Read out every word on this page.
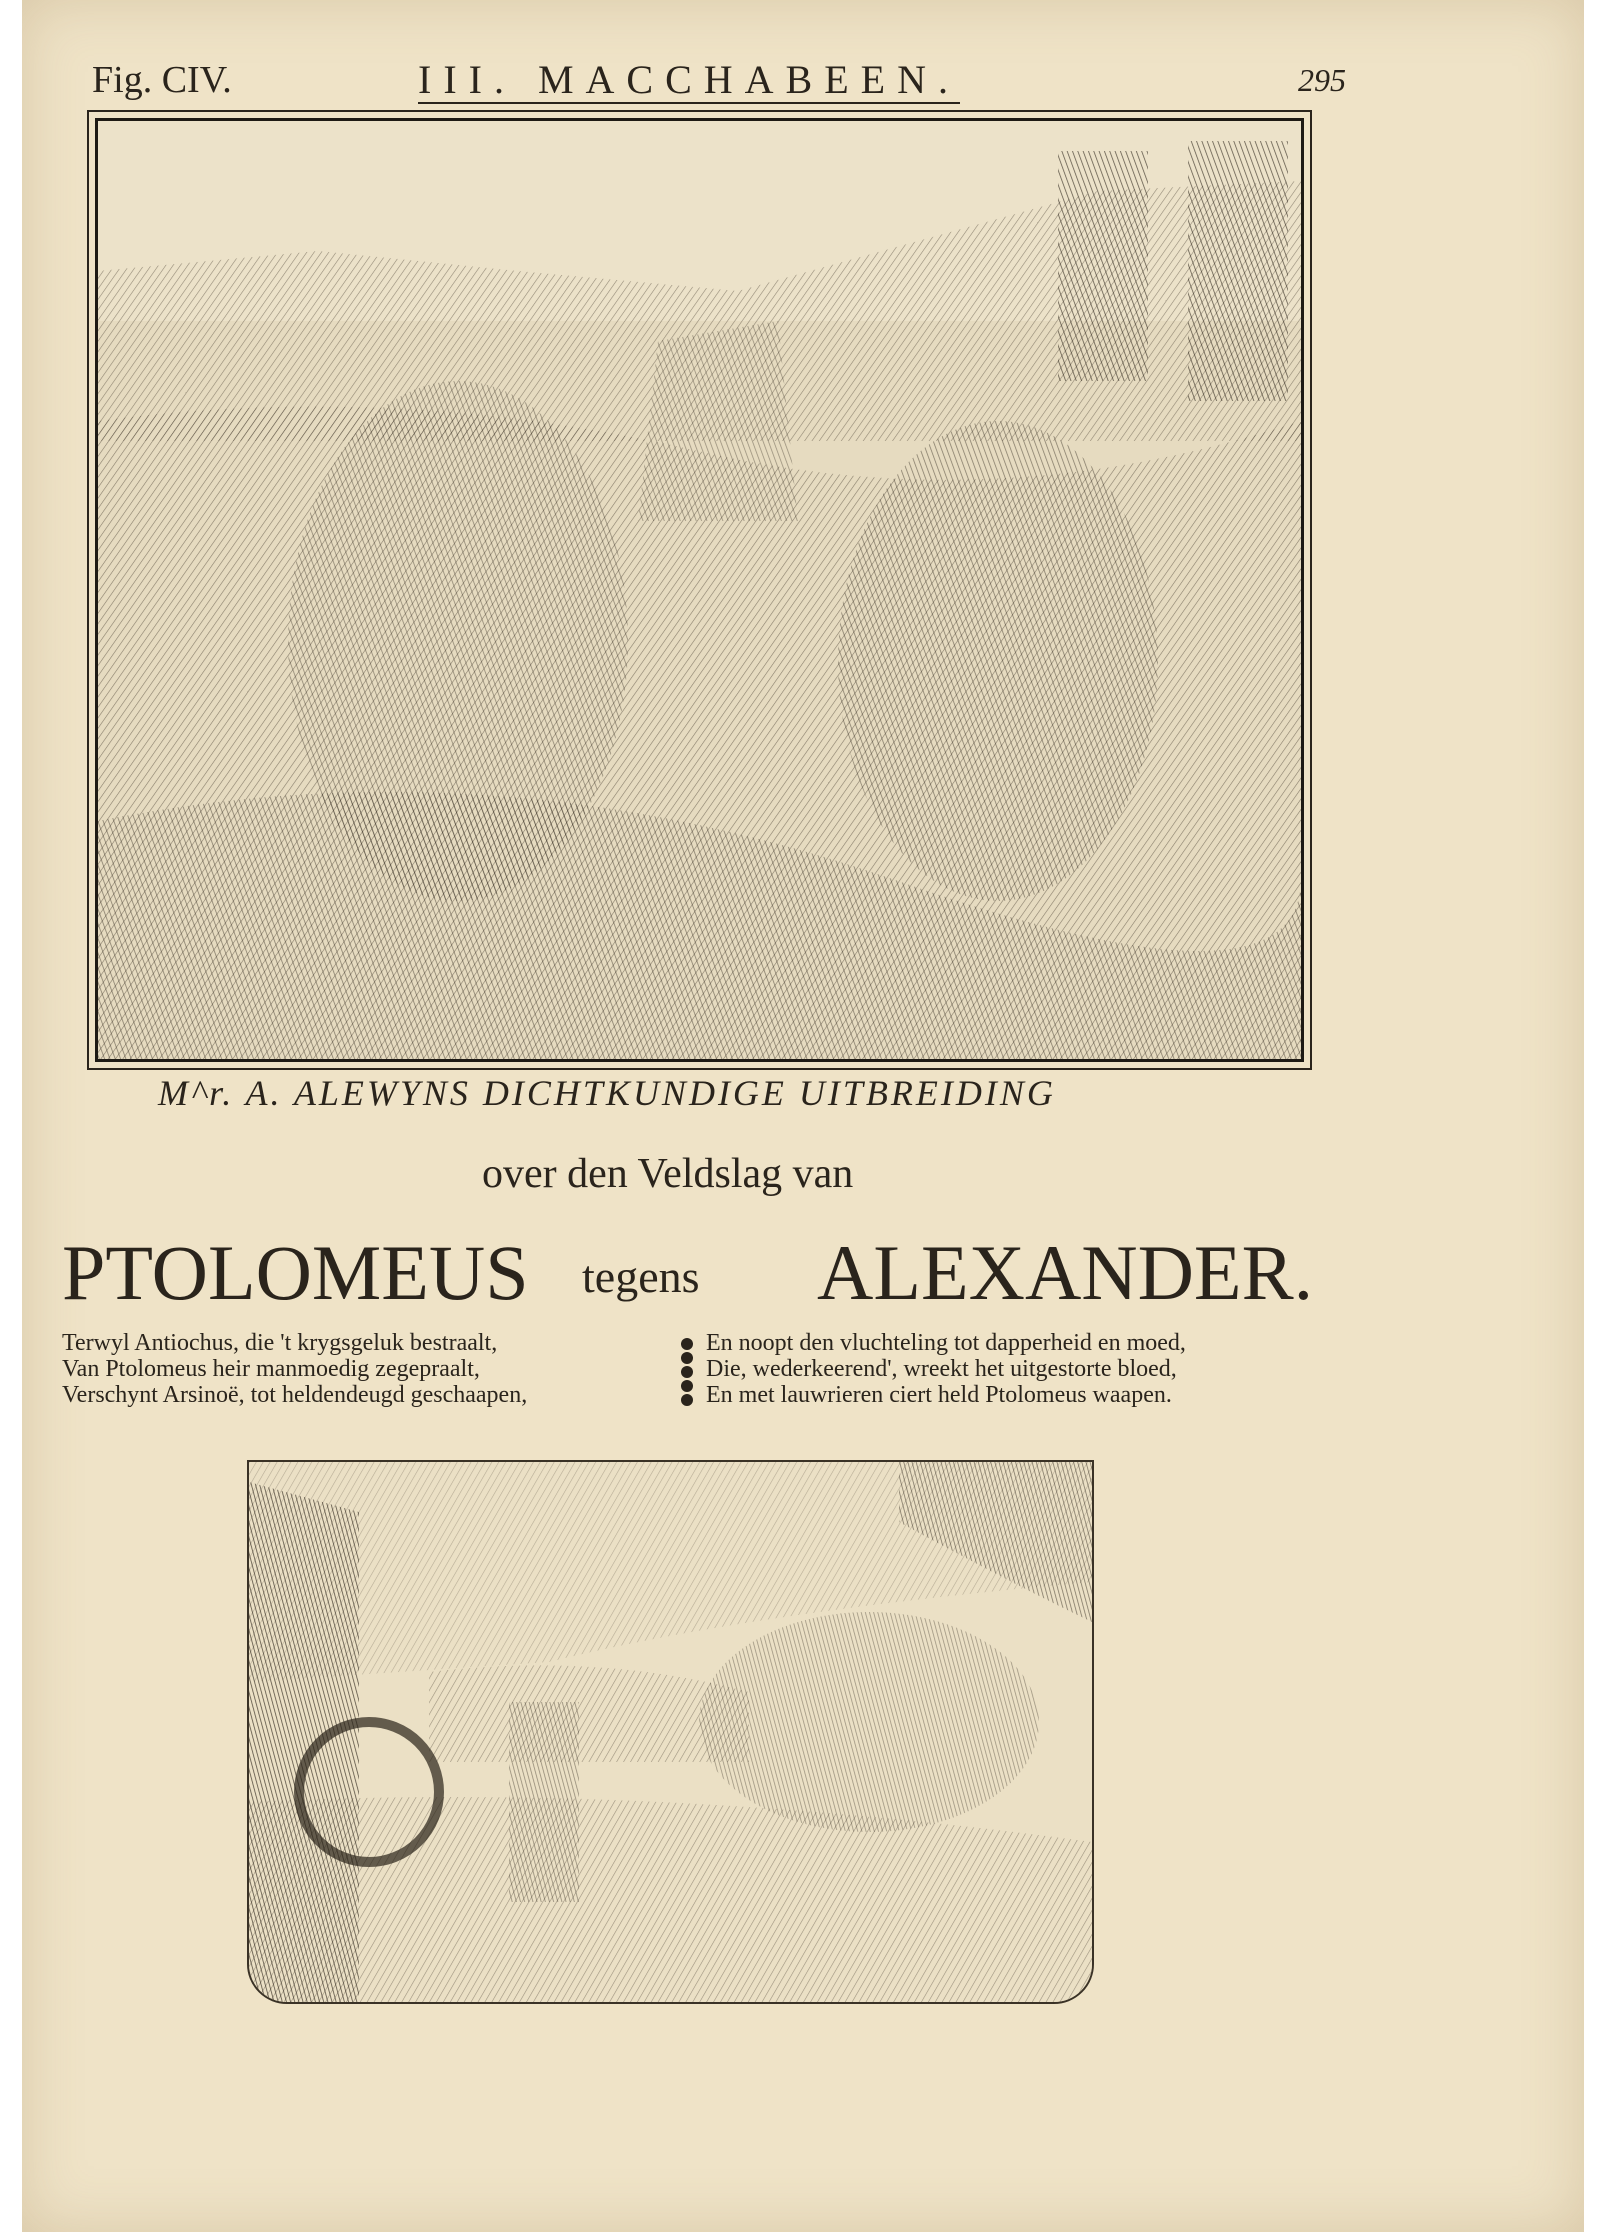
Fig. CIV.	III. MACCHABEEN.	295
M^r. A. ALEWYNS DICHTKUNDIGE UITBREIDING
over den Veldslag van
PTOLOMEUS tegens ALEXANDER.
Terwyl Antiochus, die 't krygsgeluk bestraalt,
Van Ptolomeus heir manmoedig zegepraalt,
Verschynt Arsinoë, tot heldendeugd geschaapen,
En noopt den vluchteling tot dapperheid en moed,
Die, wederkeerend', wreekt het uitgestorte bloed,
En met lauwrieren ciert held Ptolomeus waapen.
